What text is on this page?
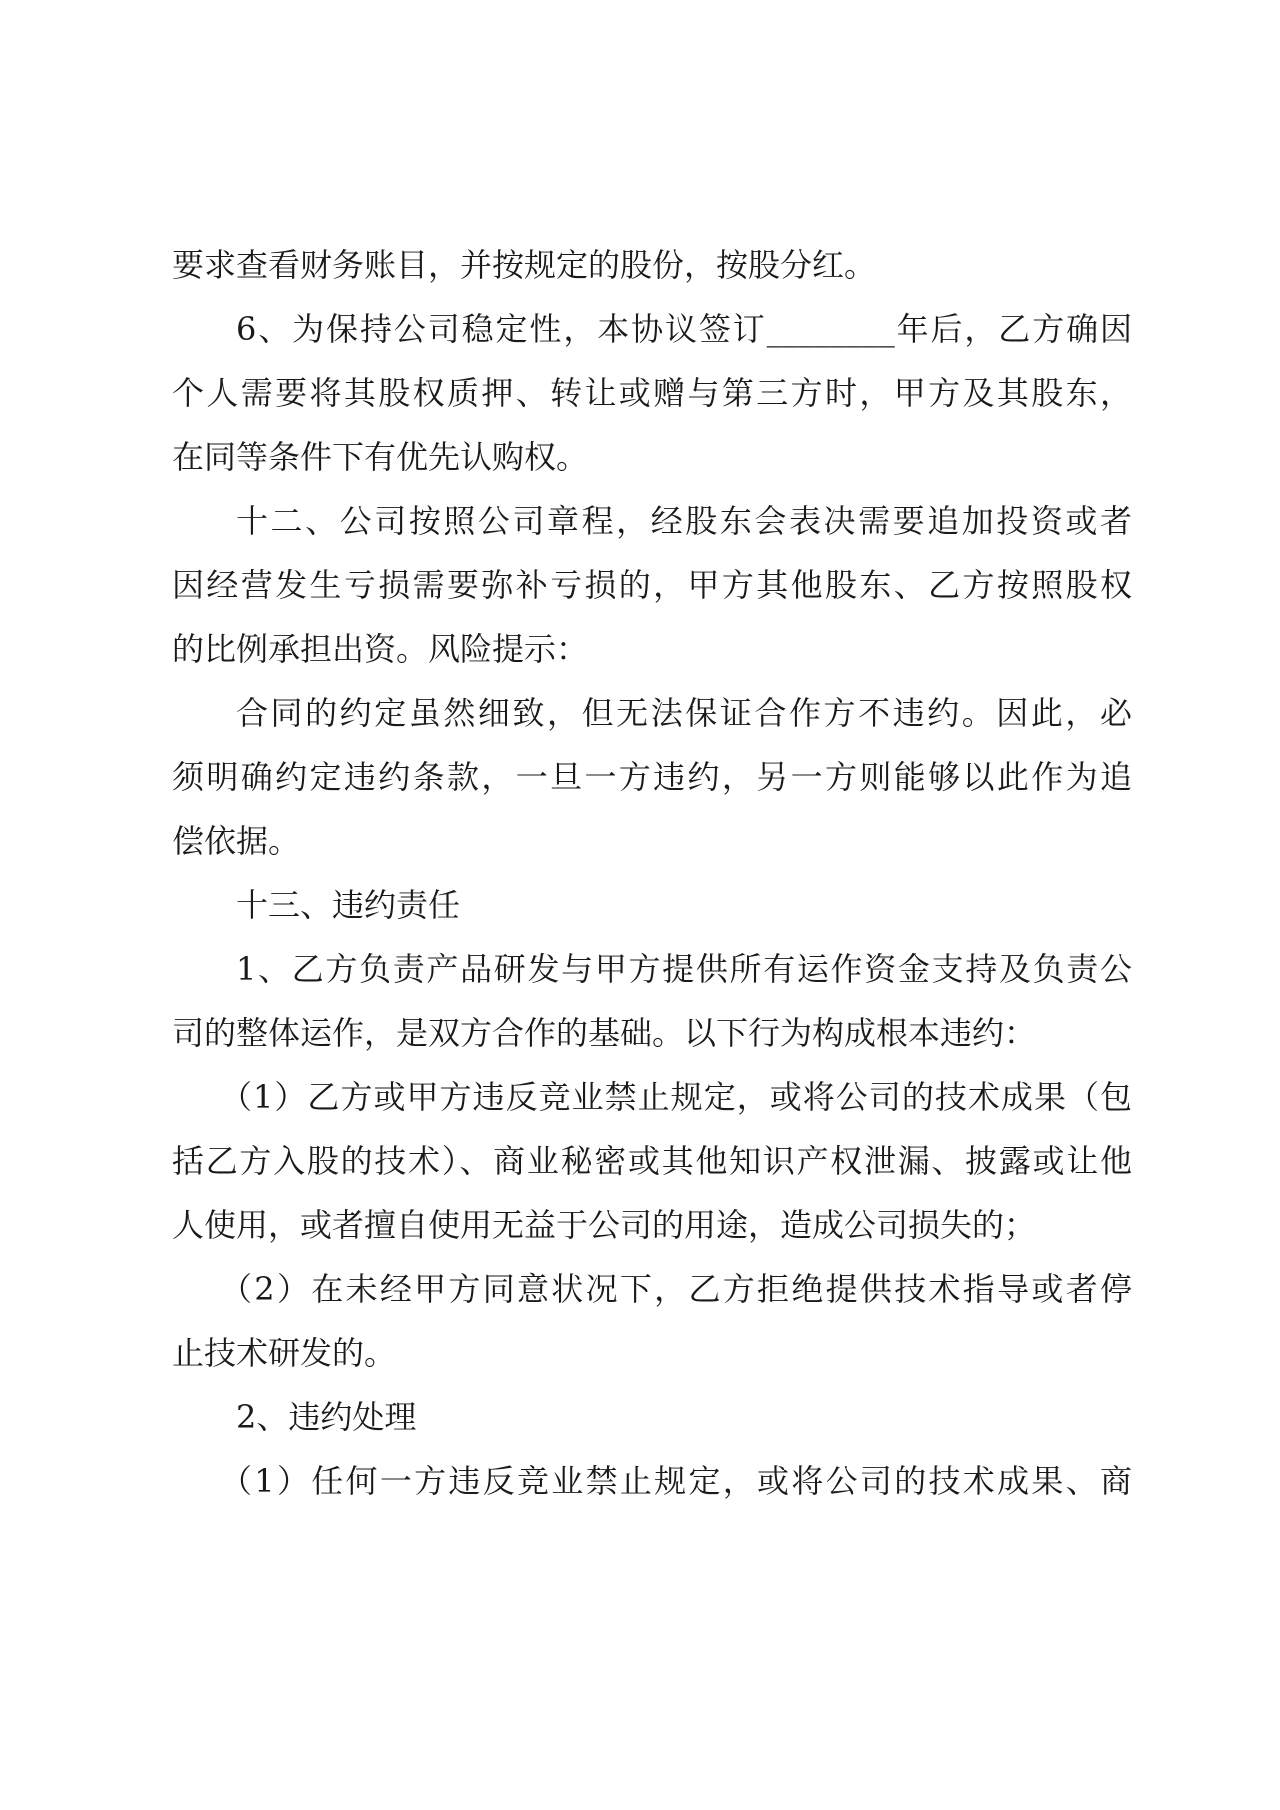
要求查看财务账目，并按规定的股份，按股分红。
6、为保持公司稳定性，本协议签订________年后，乙方确因
个人需要将其股权质押、转让或赠与第三方时，甲方及其股东，
在同等条件下有优先认购权。
十二、公司按照公司章程，经股东会表决需要追加投资或者
因经营发生亏损需要弥补亏损的，甲方其他股东、乙方按照股权
的比例承担出资。风险提示：
合同的约定虽然细致，但无法保证合作方不违约。因此，必
须明确约定违约条款，一旦一方违约，另一方则能够以此作为追
偿依据。
十三、违约责任
1、乙方负责产品研发与甲方提供所有运作资金支持及负责公
司的整体运作，是双方合作的基础。以下行为构成根本违约：
（1）乙方或甲方违反竞业禁止规定，或将公司的技术成果（包
括乙方入股的技术）、商业秘密或其他知识产权泄漏、披露或让他
人使用，或者擅自使用无益于公司的用途，造成公司损失的；
（2）在未经甲方同意状况下，乙方拒绝提供技术指导或者停
止技术研发的。
2、违约处理
（1）任何一方违反竞业禁止规定，或将公司的技术成果、商
